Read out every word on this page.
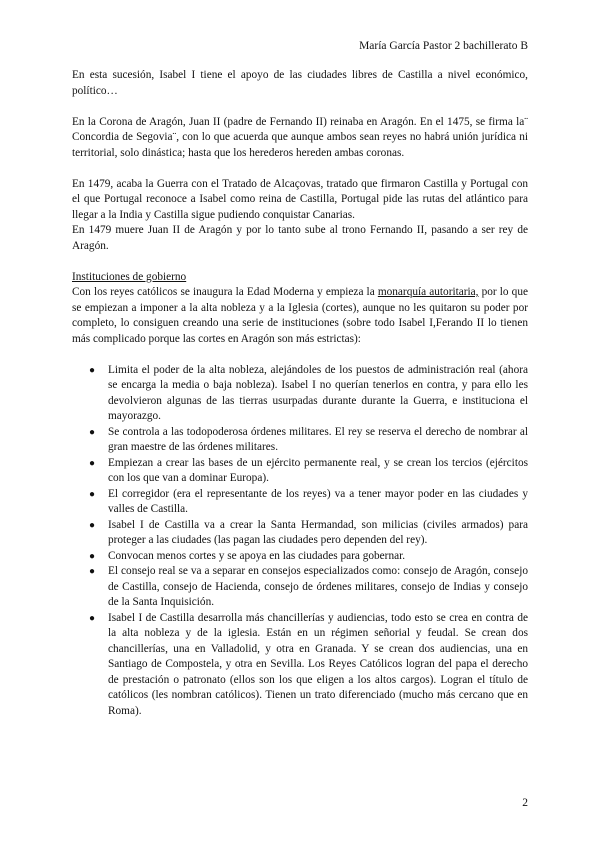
María García Pastor 2 bachillerato B

En esta sucesión, Isabel I tiene el apoyo de las ciudades libres de Castilla a nivel económico, político…

En la Corona de Aragón, Juan II (padre de Fernando II) reinaba en Aragón. En el 1475, se firma la¨ Concordia de Segovia¨, con lo que acuerda que aunque ambos sean reyes no habrá unión jurídica ni territorial, solo dinástica; hasta que los herederos hereden ambas coronas.

En 1479, acaba la Guerra con el Tratado de Alcaçovas, tratado que firmaron Castilla y Portugal con el que Portugal reconoce a Isabel como reina de Castilla, Portugal pide las rutas del atlántico para llegar a la India y Castilla sigue pudiendo conquistar Canarias.

En 1479 muere Juan II de Aragón y por lo tanto sube al trono Fernando II, pasando a ser rey de Aragón.

Instituciones de gobierno

Con los reyes católicos se inaugura la Edad Moderna y empieza la monarquía autoritaria, por lo que se empiezan a imponer a la alta nobleza y a la Iglesia (cortes), aunque no les quitaron su poder por completo, lo consiguen creando una serie de instituciones (sobre todo Isabel I,Ferando II lo tienen más complicado porque las cortes en Aragón son más estrictas):

● Limita el poder de la alta nobleza, alejándoles de los puestos de administración real (ahora se encarga la media o baja nobleza). Isabel I no querían tenerlos en contra, y para ello les devolvieron algunas de las tierras usurpadas durante durante la Guerra, e instituciona el mayorazgo.
● Se controla a las todopoderosa órdenes militares. El rey se reserva el derecho de nombrar al gran maestre de las órdenes militares.
● Empiezan a crear las bases de un ejército permanente real, y se crean los tercios (ejércitos con los que van a dominar Europa).
● El corregidor (era el representante de los reyes) va a tener mayor poder en las ciudades y valles de Castilla.
● Isabel I de Castilla va a crear la Santa Hermandad, son milicias (civiles armados) para proteger a las ciudades (las pagan las ciudades pero dependen del rey).
● Convocan menos cortes y se apoya en las ciudades para gobernar.
● El consejo real se va a separar en consejos especializados como: consejo de Aragón, consejo de Castilla, consejo de Hacienda, consejo de órdenes militares, consejo de Indias y consejo de la Santa Inquisición.
● Isabel I de Castilla desarrolla más chancillerías y audiencias, todo esto se crea en contra de la alta nobleza y de la iglesia. Están en un régimen señorial y feudal. Se crean dos chancillerías, una en Valladolid, y otra en Granada. Y se crean dos audiencias, una en Santiago de Compostela, y otra en Sevilla. Los Reyes Católicos logran del papa el derecho de prestación o patronato (ellos son los que eligen a los altos cargos). Logran el título de católicos (les nombran católicos). Tienen un trato diferenciado (mucho más cercano que en Roma).
2
